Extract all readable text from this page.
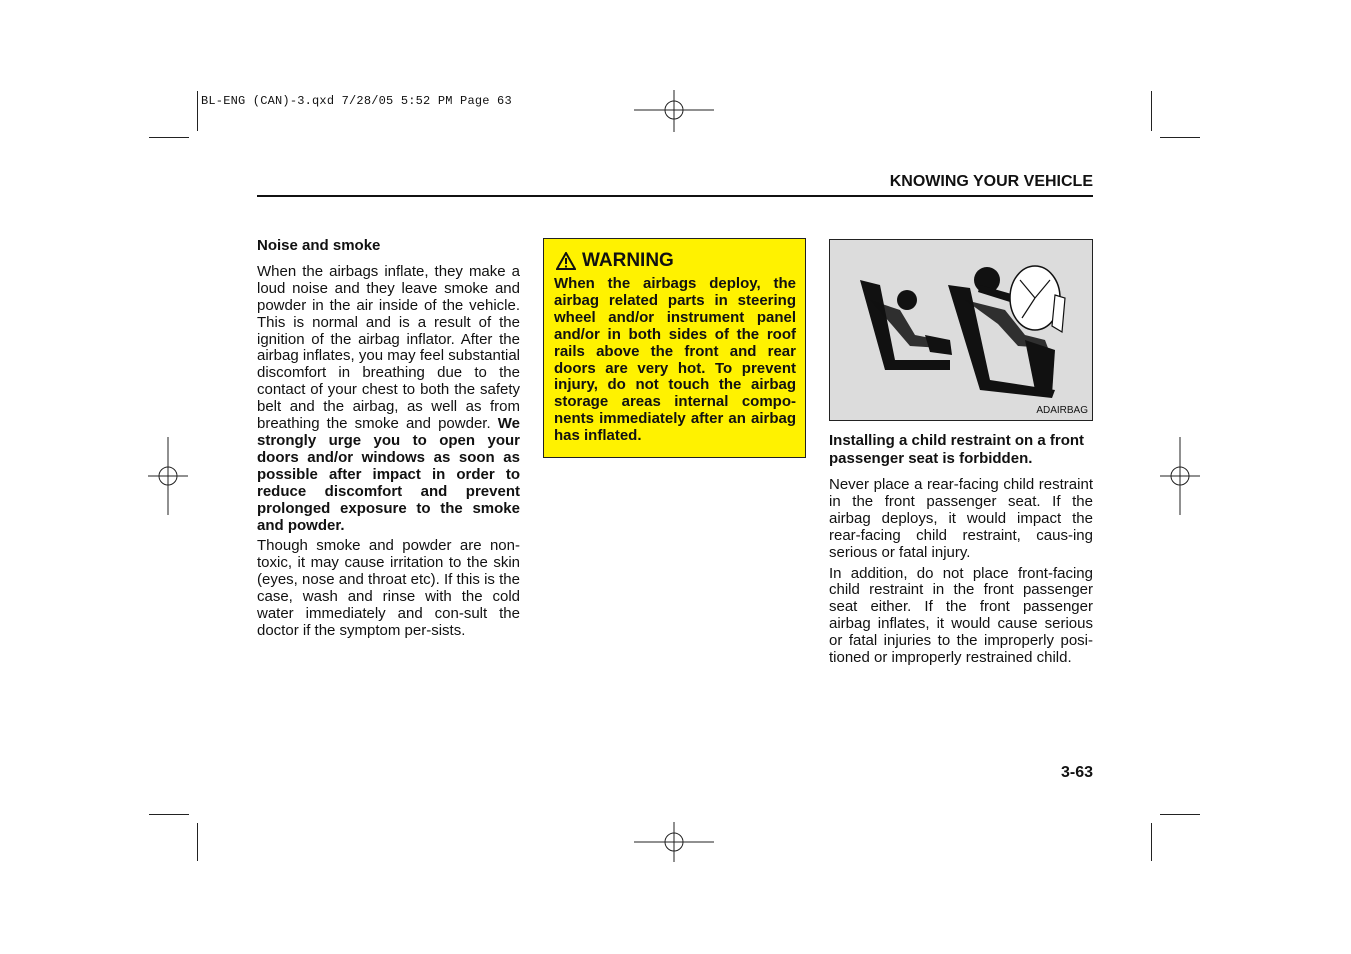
BL-ENG (CAN)-3.qxd 7/28/05 5:52 PM Page 63
KNOWING YOUR VEHICLE

Noise and smoke

When the airbags inflate, they make a loud noise and they leave smoke and powder in the air inside of the vehicle. This is normal and is a result of the ignition of the airbag inflator. After the airbag inflates, you may feel substantial discomfort in breathing due to the contact of your chest to both the safety belt and the airbag, as well as from breathing the smoke and powder. We strongly urge you to open your doors and/or windows as soon as possible after impact in order to reduce discomfort and prevent prolonged exposure to the smoke and powder.

Though smoke and powder are non-toxic, it may cause irritation to the skin (eyes, nose and throat etc). If this is the case, wash and rinse with the cold water immediately and con-sult the doctor if the symptom per-sists.

WARNING
When the airbags deploy, the airbag related parts in steering wheel and/or instrument panel and/or in both sides of the roof rails above the front and rear doors are very hot. To prevent injury, do not touch the airbag storage areas internal compo-nents immediately after an airbag has inflated.
ADAIRBAG

Installing a child restraint on a front passenger seat is forbidden.

Never place a rear-facing child restraint in the front passenger seat. If the airbag deploys, it would impact the rear-facing child restraint, caus-ing serious or fatal injury.

In addition, do not place front-facing child restraint in the front passenger seat either. If the front passenger airbag inflates, it would cause serious or fatal injuries to the improperly posi-tioned or improperly restrained child.

3-63
